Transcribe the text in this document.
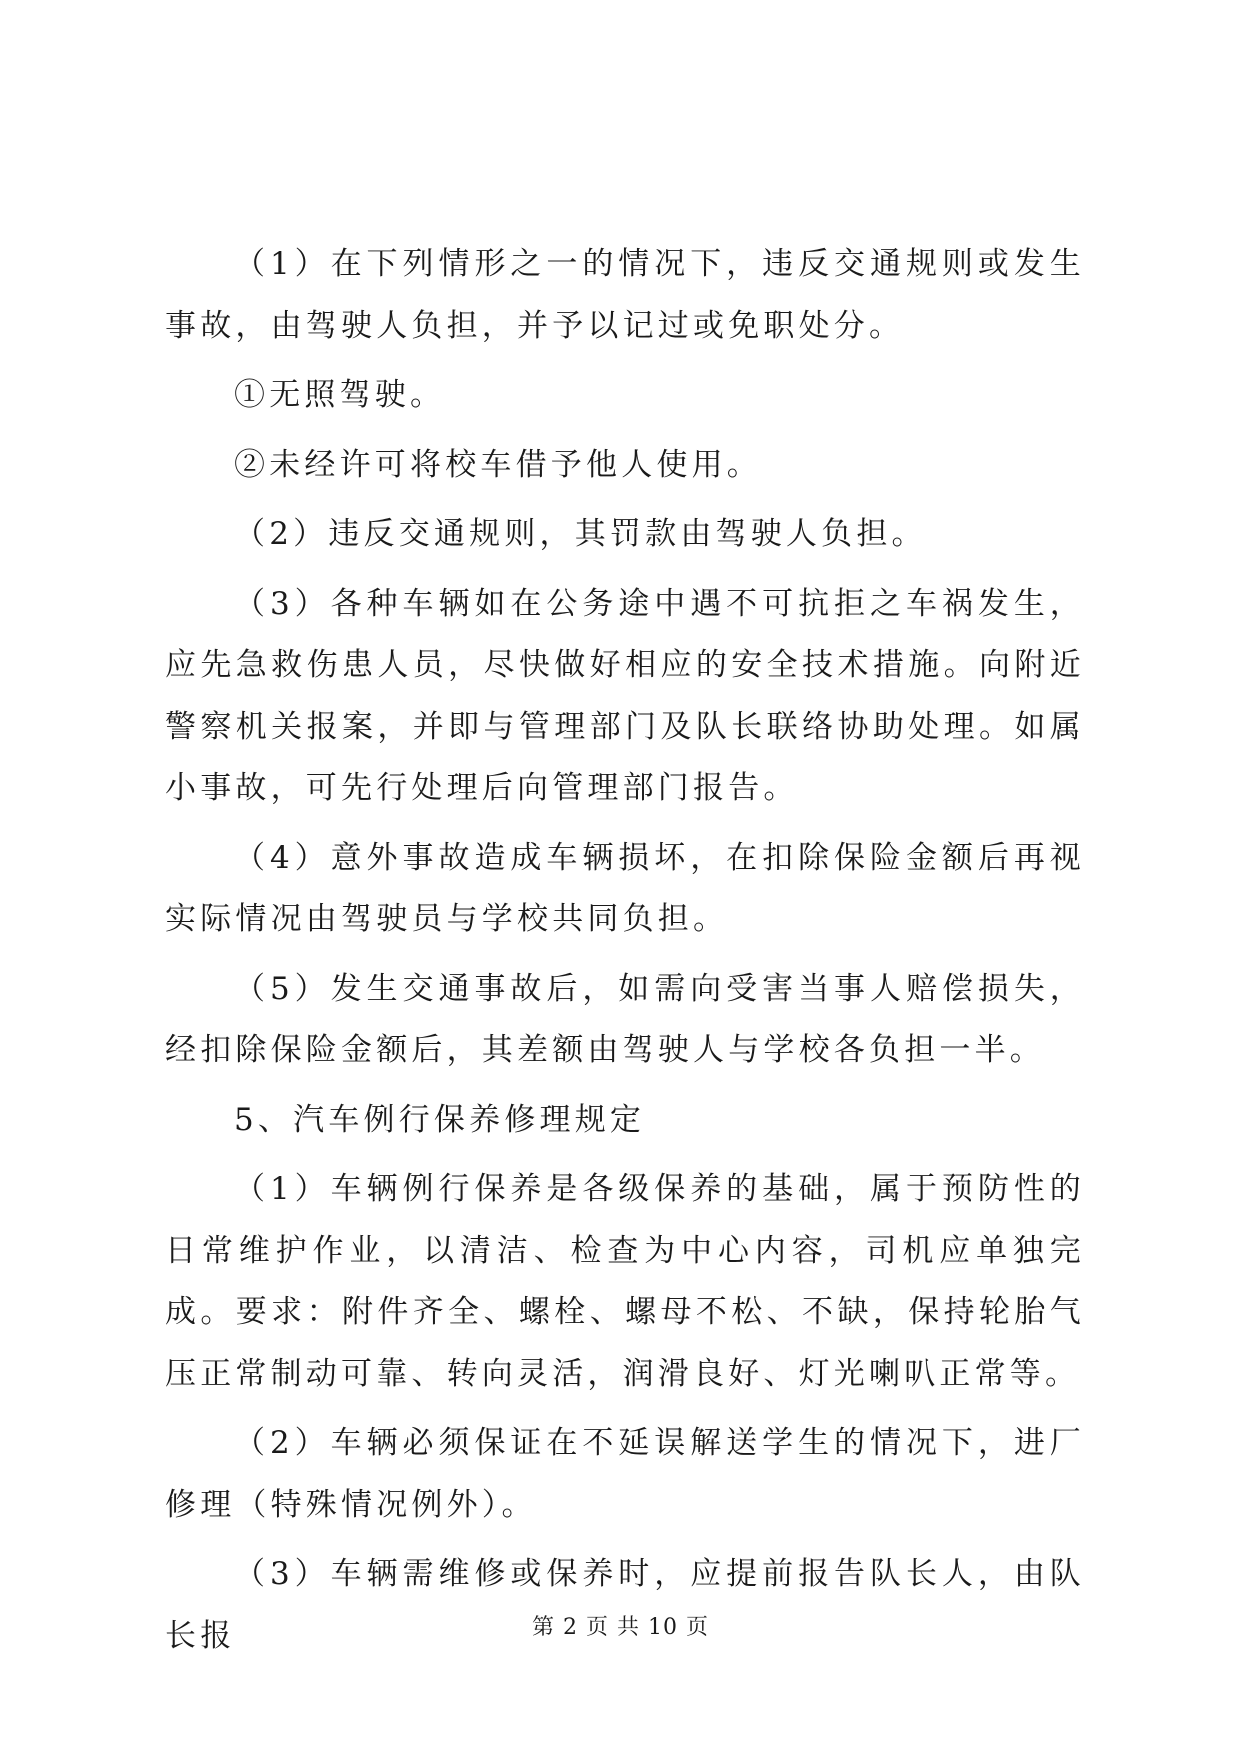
（1）在下列情形之一的情况下，违反交通规则或发生事故，由驾驶人负担，并予以记过或免职处分。

①无照驾驶。

②未经许可将校车借予他人使用。

（2）违反交通规则，其罚款由驾驶人负担。

（3）各种车辆如在公务途中遇不可抗拒之车祸发生，应先急救伤患人员，尽快做好相应的安全技术措施。向附近警察机关报案，并即与管理部门及队长联络协助处理。如属小事故，可先行处理后向管理部门报告。

（4）意外事故造成车辆损坏，在扣除保险金额后再视实际情况由驾驶员与学校共同负担。

（5）发生交通事故后，如需向受害当事人赔偿损失，经扣除保险金额后，其差额由驾驶人与学校各负担一半。

5、汽车例行保养修理规定

（1）车辆例行保养是各级保养的基础，属于预防性的日常维护作业，以清洁、检查为中心内容，司机应单独完成。要求：附件齐全、螺栓、螺母不松、不缺，保持轮胎气压正常制动可靠、转向灵活，润滑良好、灯光喇叭正常等。

（2）车辆必须保证在不延误解送学生的情况下，进厂修理（特殊情况例外）。

（3）车辆需维修或保养时，应提前报告队长人，由队长报	第 2 页 共 10 页
